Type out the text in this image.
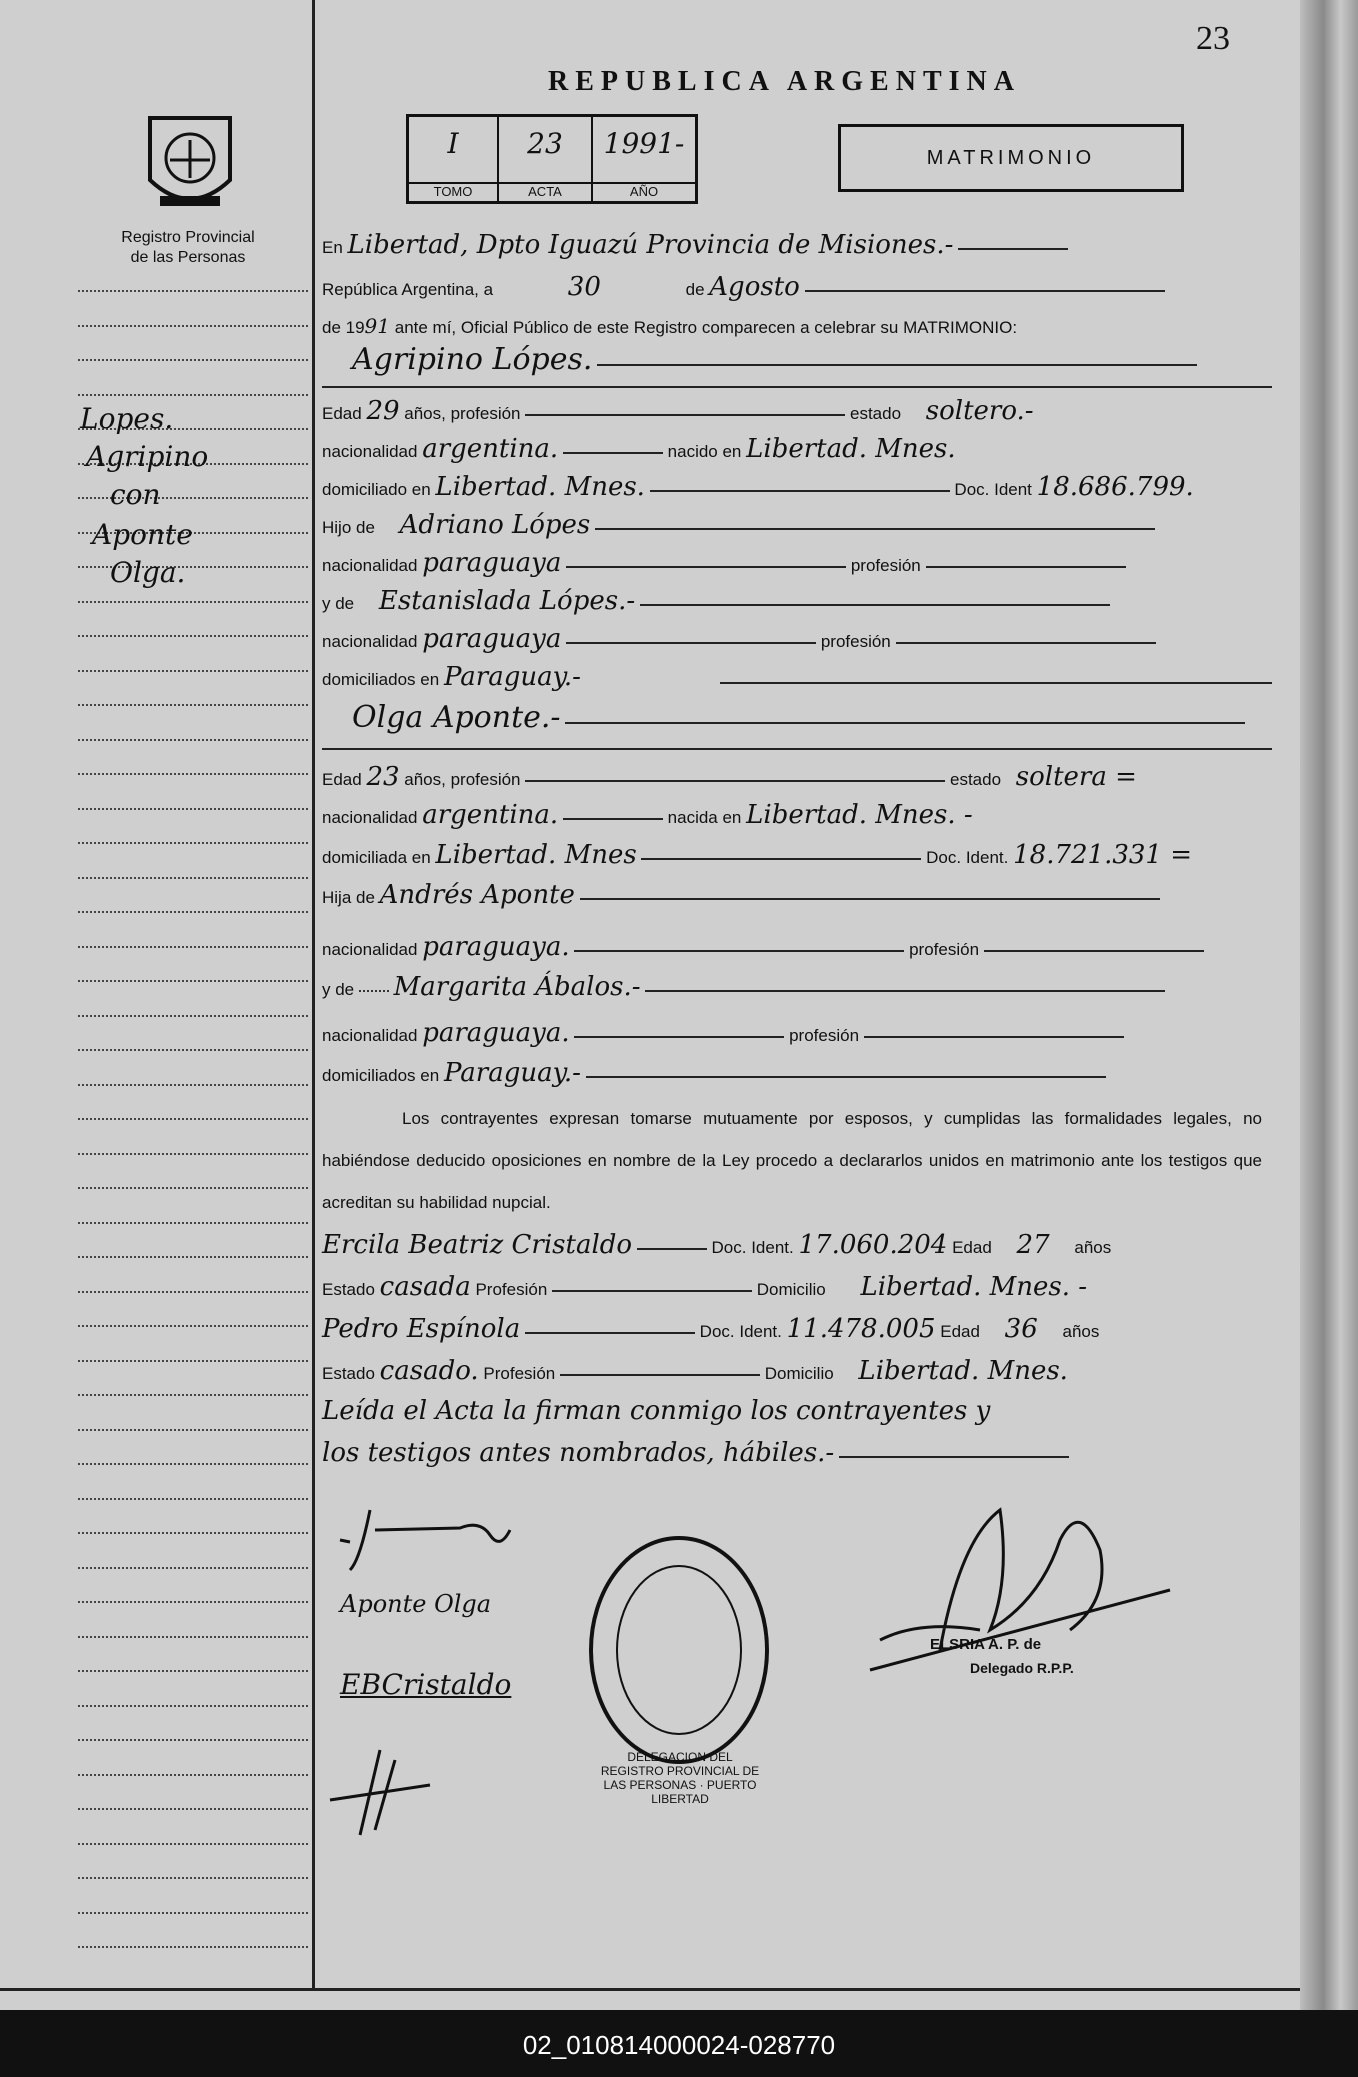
23
REPUBLICA ARGENTINA
Registro Provincial
de las Personas
Lopes.
Agripino
con
Aponte
Olga.
I
TOMO
23
ACTA
1991-
AÑO
MATRIMONIO
En Libertad, Dpto Iguazú Provincia de Misiones.-
República Argentina, a	30	de Agosto
de 1991 ante mí, Oficial Público de este Registro comparecen a celebrar su MATRIMONIO:
Agripino Lópes.
Edad 29 años, profesión	estado soltero.-
nacionalidad argentina.	nacido en Libertad. Mnes.
domiciliado en Libertad. Mnes.	Doc. Ident 18.686.799.
Hijo de Adriano Lópes
nacionalidad paraguaya	profesión
y de Estanislada Lópes.-
nacionalidad paraguaya	profesión
domiciliados en Paraguay.-
Olga Aponte.-
Edad 23 años, profesión	estado soltera =
nacionalidad argentina.	nacida en Libertad. Mnes. -
domiciliada en Libertad. Mnes	Doc. Ident. 18.721.331 =
Hija de Andrés Aponte
nacionalidad paraguaya.	profesión
y de Margarita Ábalos.-
nacionalidad paraguaya.	profesión
domiciliados en Paraguay.-
Los contrayentes expresan tomarse mutuamente por esposos, y cumplidas las formalidades legales, no habiéndose deducido oposiciones en nombre de la Ley procedo a declararlos unidos en matrimonio ante los testigos que acreditan su habilidad nupcial.
Ercila Beatriz Cristaldo	Doc. Ident. 17.060.204 Edad 27 años
Estado casada Profesión	Domicilio Libertad. Mnes. -
Pedro Espínola	Doc. Ident. 11.478.005 Edad 36 años
Estado casado. Profesión	Domicilio Libertad. Mnes.
Leída el Acta la firman conmigo los contrayentes y
los testigos antes nombrados, hábiles.-
Aponte Olga
EBCristaldo
DELEGACION DEL REGISTRO PROVINCIAL DE LAS PERSONAS · PUERTO LIBERTAD
ELSRIA A. P. de
Delegado R.P.P.
02_010814000024-028770
